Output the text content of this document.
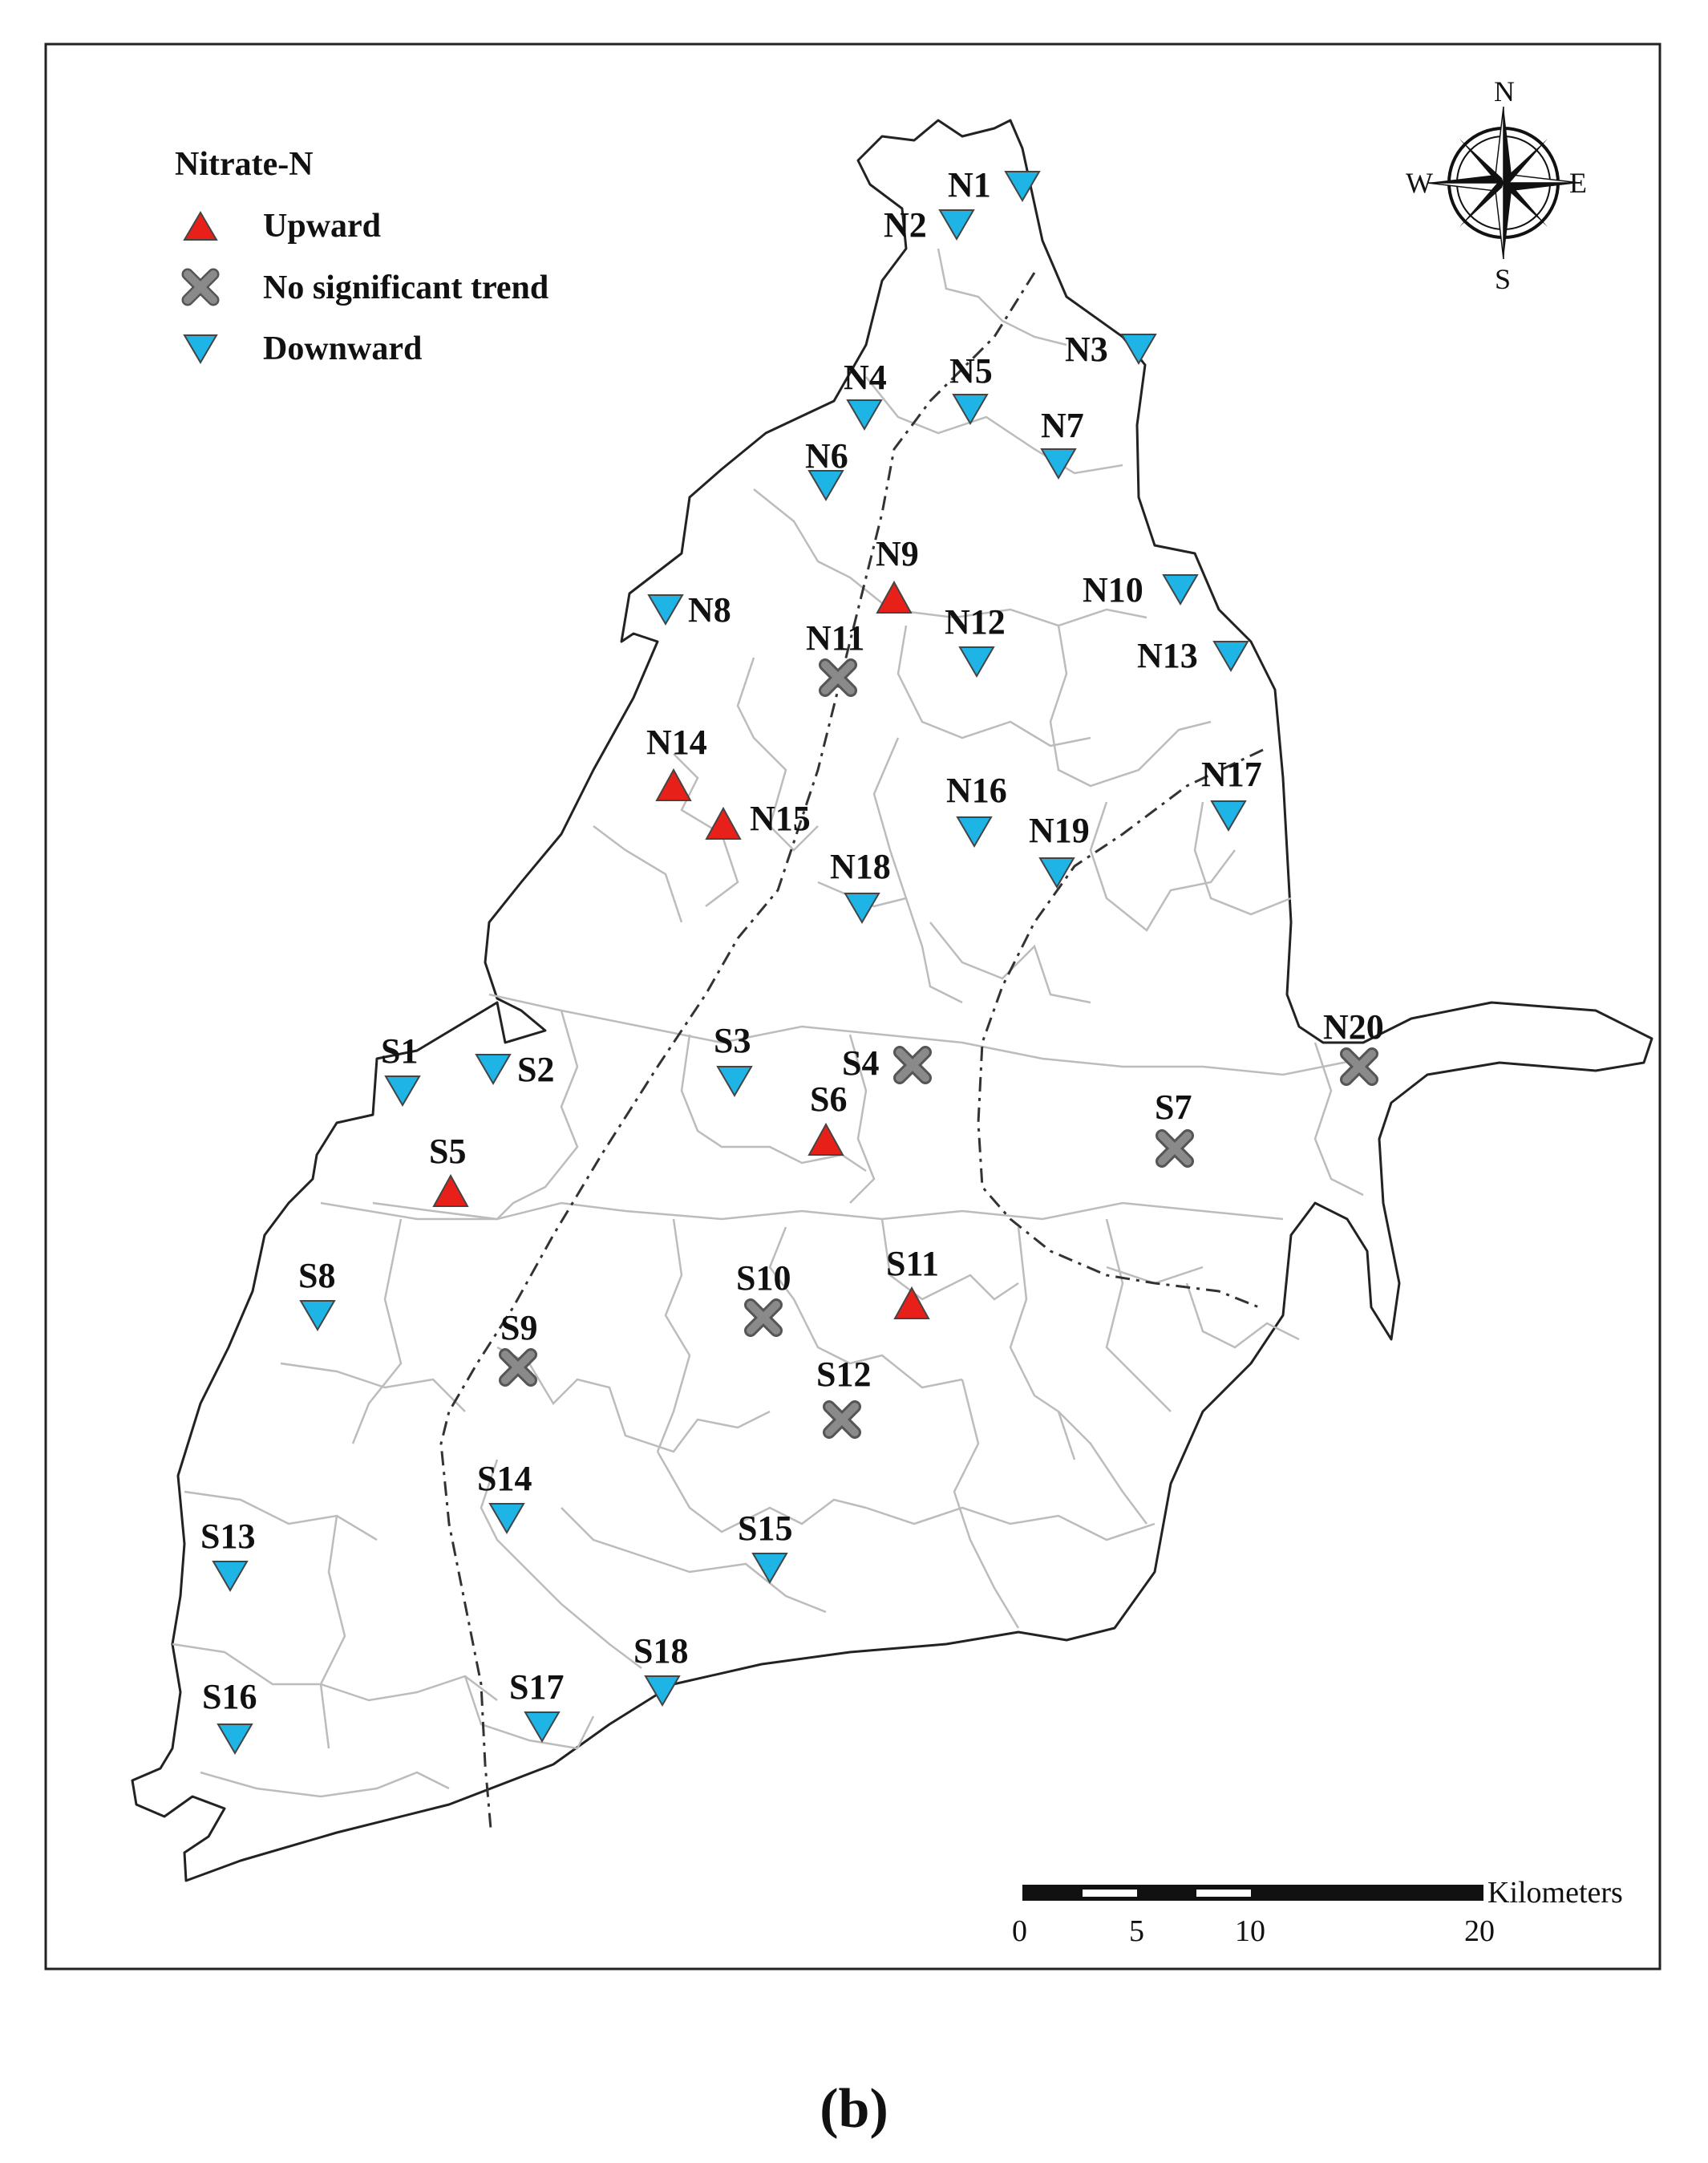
Nitrate-N
Upward
No significant trend
Downward
N
S
E
W
0	5	10	20
Kilometers
N1
N2
N3
N4 N5
N6
N7
N8
N9
N10
N11 N12
N13
N14
N15
N16	N17
N18
N19
N20
S1	S2
S3
S4
S5
S6	S7
S8
S9
S10	S11
S12
S13
S14
S15
S16	S17
S18
(b)
